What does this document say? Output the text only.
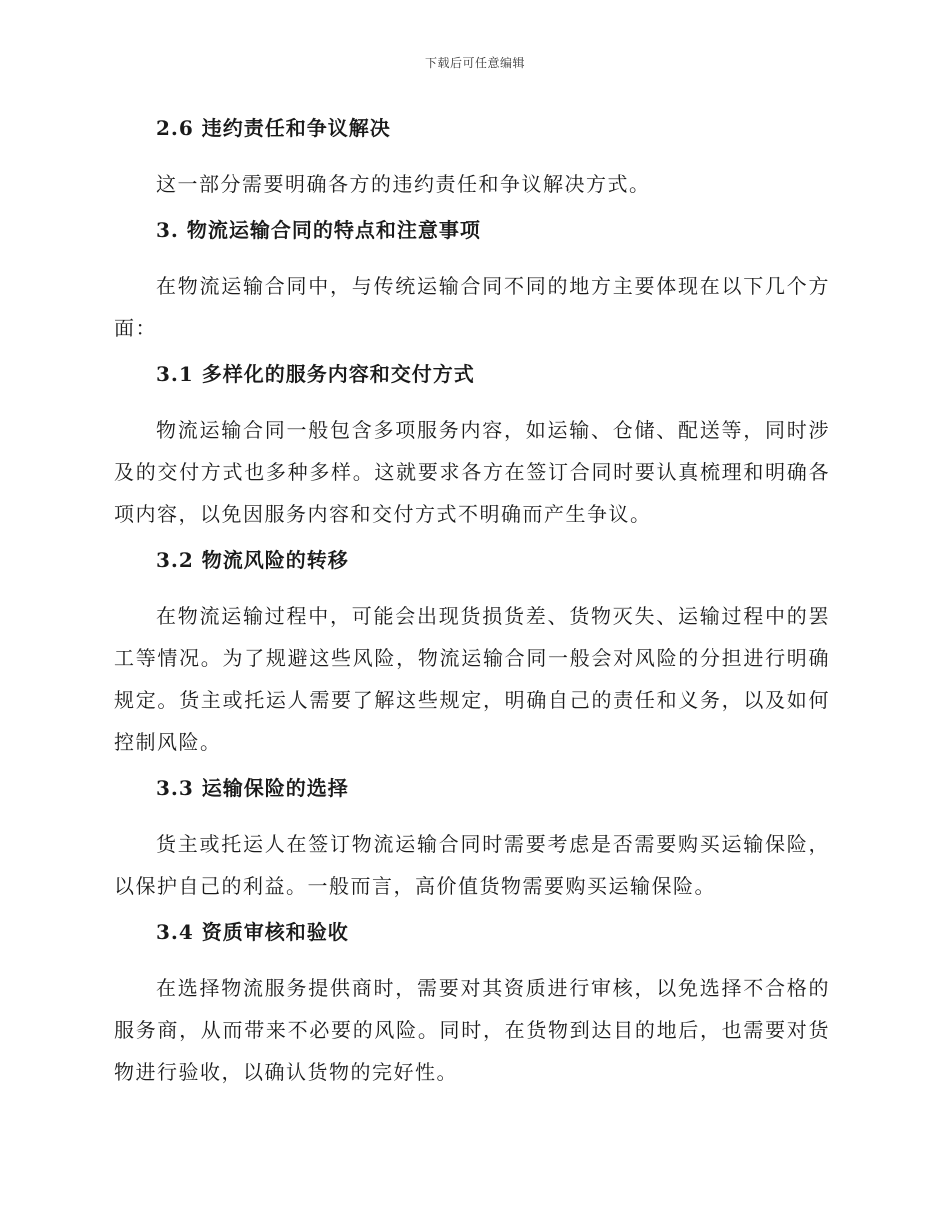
下载后可任意编辑
2.6 违约责任和争议解决
这一部分需要明确各方的违约责任和争议解决方式。
3. 物流运输合同的特点和注意事项
在物流运输合同中，与传统运输合同不同的地方主要体现在以下几个方面：
3.1 多样化的服务内容和交付方式
物流运输合同一般包含多项服务内容，如运输、仓储、配送等，同时涉及的交付方式也多种多样。这就要求各方在签订合同时要认真梳理和明确各项内容，以免因服务内容和交付方式不明确而产生争议。
3.2 物流风险的转移
在物流运输过程中，可能会出现货损货差、货物灭失、运输过程中的罢工等情况。为了规避这些风险，物流运输合同一般会对风险的分担进行明确规定。货主或托运人需要了解这些规定，明确自己的责任和义务，以及如何控制风险。
3.3 运输保险的选择
货主或托运人在签订物流运输合同时需要考虑是否需要购买运输保险，以保护自己的利益。一般而言，高价值货物需要购买运输保险。
3.4 资质审核和验收
在选择物流服务提供商时，需要对其资质进行审核，以免选择不合格的服务商，从而带来不必要的风险。同时，在货物到达目的地后，也需要对货物进行验收，以确认货物的完好性。
